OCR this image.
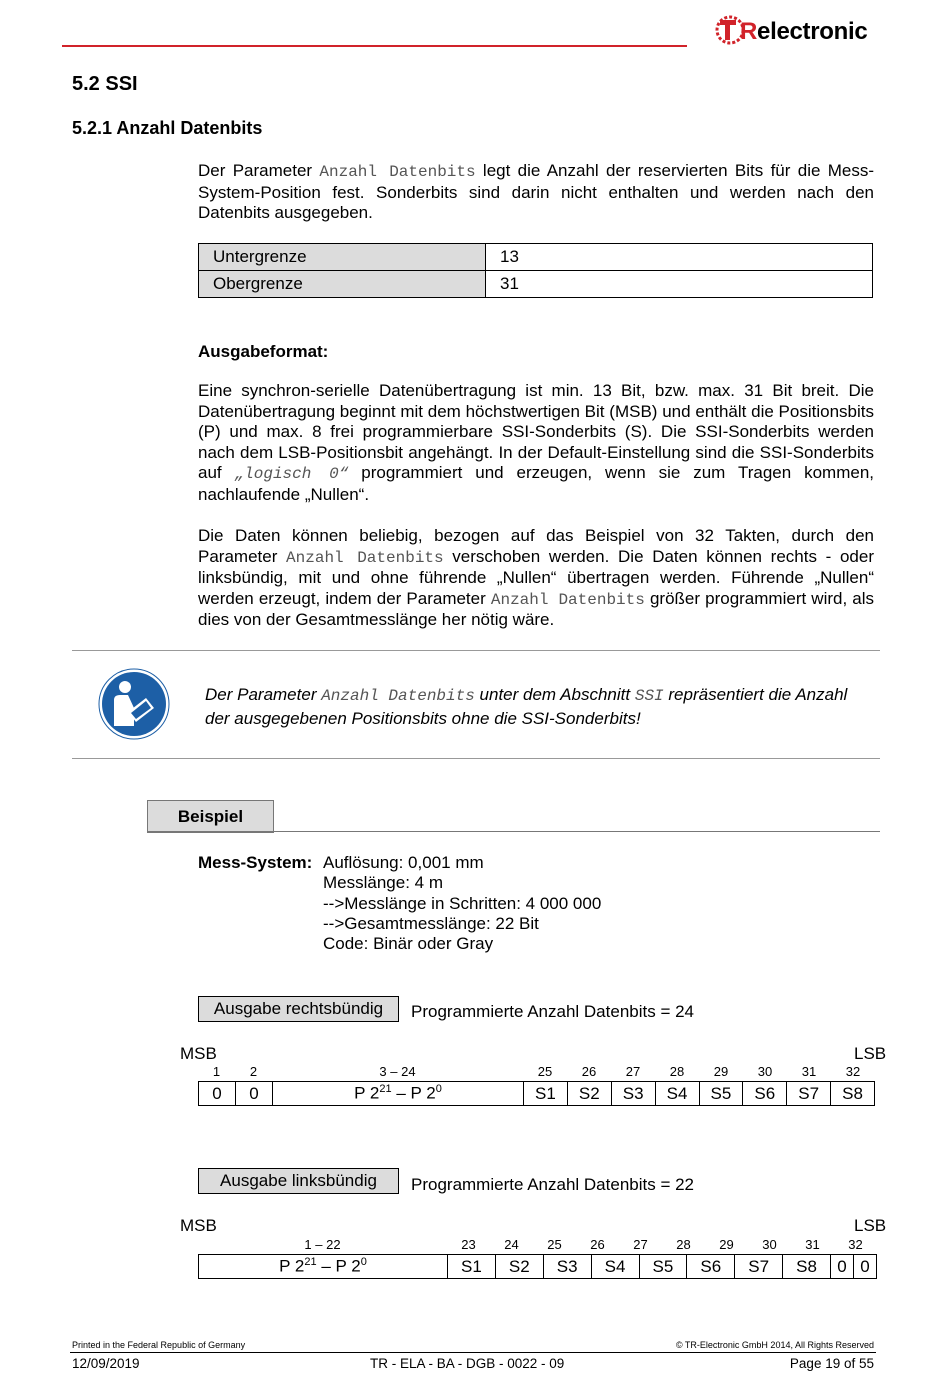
Relectronic
5.2 SSI
5.2.1 Anzahl Datenbits
Der Parameter Anzahl Datenbits legt die Anzahl der reservierten Bits für die Mess-System-Position fest. Sonderbits sind darin nicht enthalten und werden nach den Datenbits ausgegeben.
Untergrenze	13
Obergrenze	31
Ausgabeformat:
Eine synchron-serielle Datenübertragung ist min. 13 Bit, bzw. max. 31 Bit breit. Die Datenübertragung beginnt mit dem höchstwertigen Bit (MSB) und enthält die Positionsbits (P) und max. 8 frei programmierbare SSI-Sonderbits (S). Die SSI-Sonderbits werden nach dem LSB-Positionsbit angehängt. In der Default-Einstellung sind die SSI-Sonderbits auf „logisch 0“ programmiert und erzeugen, wenn sie zum Tragen kommen, nachlaufende „Nullen“.
Die Daten können beliebig, bezogen auf das Beispiel von 32 Takten, durch den Parameter Anzahl Datenbits verschoben werden. Die Daten können rechts - oder linksbündig, mit und ohne führende „Nullen“ übertragen werden. Führende „Nullen“ werden erzeugt, indem der Parameter Anzahl Datenbits größer programmiert wird, als dies von der Gesamtmesslänge her nötig wäre.
Der Parameter Anzahl Datenbits unter dem Abschnitt SSI repräsentiert die Anzahl der ausgegebenen Positionsbits ohne die SSI-Sonderbits!
Beispiel
Mess-System: Auflösung: 0,001 mm
Messlänge: 4 m
-->Messlänge in Schritten: 4 000 000
-->Gesamtmesslänge: 22 Bit
Code: Binär oder Gray
Ausgabe rechtsbündig	Programmierte Anzahl Datenbits = 24
MSB	LSB
1	2	3 – 24	25	26	27	28	29	30	31	32
0	0	P $2^{21}$ – P $2^0$	S1	S2	S3	S4	S5	S6	S7	S8
Ausgabe linksbündig	Programmierte Anzahl Datenbits = 22
MSB	LSB
1 – 22	23	24	25	26	27	28	29	30	31	32
P $2^{21}$ – P $2^0$	S1	S2	S3	S4	S5	S6	S7	S8	0	0
Printed in the Federal Republic of Germany	© TR-Electronic GmbH 2014, All Rights Reserved
12/09/2019	TR - ELA - BA - DGB - 0022 - 09	Page 19 of 55
